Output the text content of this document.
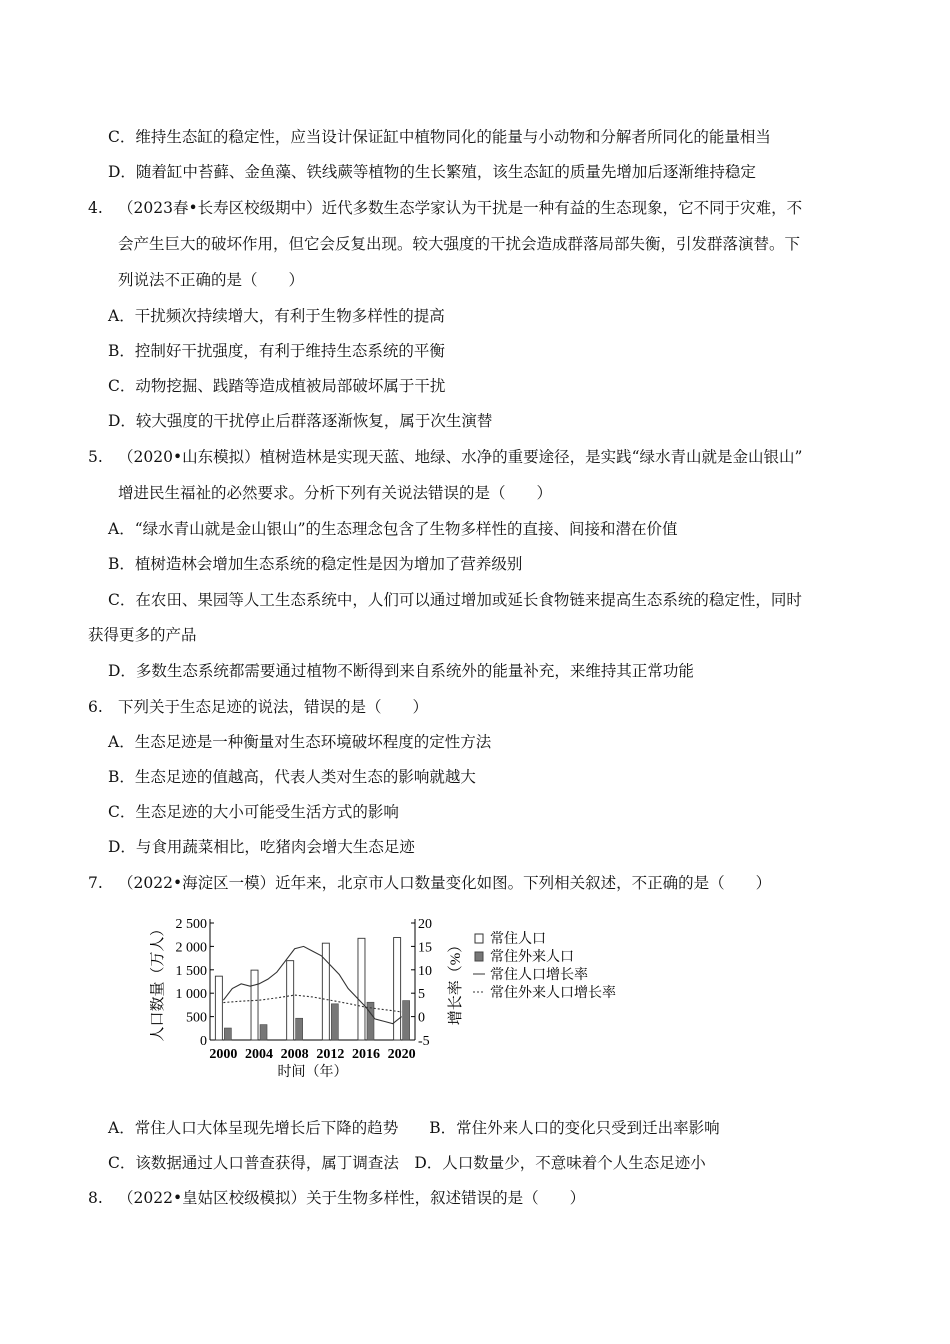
C．维持生态缸的稳定性，应当设计保证缸中植物同化的能量与小动物和分解者所同化的能量相当
D．随着缸中苔藓、金鱼藻、铁线蕨等植物的生长繁殖，该生态缸的质量先增加后逐渐维持稳定
4. （2023春•长寿区校级期中）近代多数生态学家认为干扰是一种有益的生态现象，它不同于灾难，不
会产生巨大的破坏作用，但它会反复出现。较大强度的干扰会造成群落局部失衡，引发群落演替。下
列说法不正确的是（　　）
A．干扰频次持续增大，有利于生物多样性的提高
B．控制好干扰强度，有利于维持生态系统的平衡
C．动物挖掘、践踏等造成植被局部破坏属于干扰
D．较大强度的干扰停止后群落逐渐恢复，属于次生演替
5. （2020•山东模拟）植树造林是实现天蓝、地绿、水净的重要途径，是实践“绿水青山就是金山银山”
增进民生福祉的必然要求。分析下列有关说法错误的是（　　）
A．“绿水青山就是金山银山”的生态理念包含了生物多样性的直接、间接和潜在价值
B．植树造林会增加生态系统的稳定性是因为增加了营养级别
C．在农田、果园等人工生态系统中，人们可以通过增加或延长食物链来提高生态系统的稳定性，同时
获得更多的产品
D．多数生态系统都需要通过植物不断得到来自系统外的能量补充，来维持其正常功能
6. 下列关于生态足迹的说法，错误的是（　　）
A．生态足迹是一种衡量对生态环境破坏程度的定性方法
B．生态足迹的值越高，代表人类对生态的影响就越大
C．生态足迹的大小可能受生活方式的影响
D．与食用蔬菜相比，吃猪肉会增大生态足迹
7. （2022•海淀区一模）近年来，北京市人口数量变化如图。下列相关叙述，不正确的是（　　）
0
500
1 000
1 500
2 000
2 500
-5
0
5
10
15
20
2000 2004 2008 2012 2016 2020
时间（年）
人口数量（万人）	增长率（%） 常住人口
常住外来人口
常住人口增长率
常住外来人口增长率
A．常住人口大体呈现先增长后下降的趋势　　B．常住外来人口的变化只受到迁出率影响
C．该数据通过人口普查获得，属丁调查法　D．人口数量少，不意味着个人生态足迹小
8. （2022•皇姑区校级模拟）关于生物多样性，叙述错误的是（　　）
